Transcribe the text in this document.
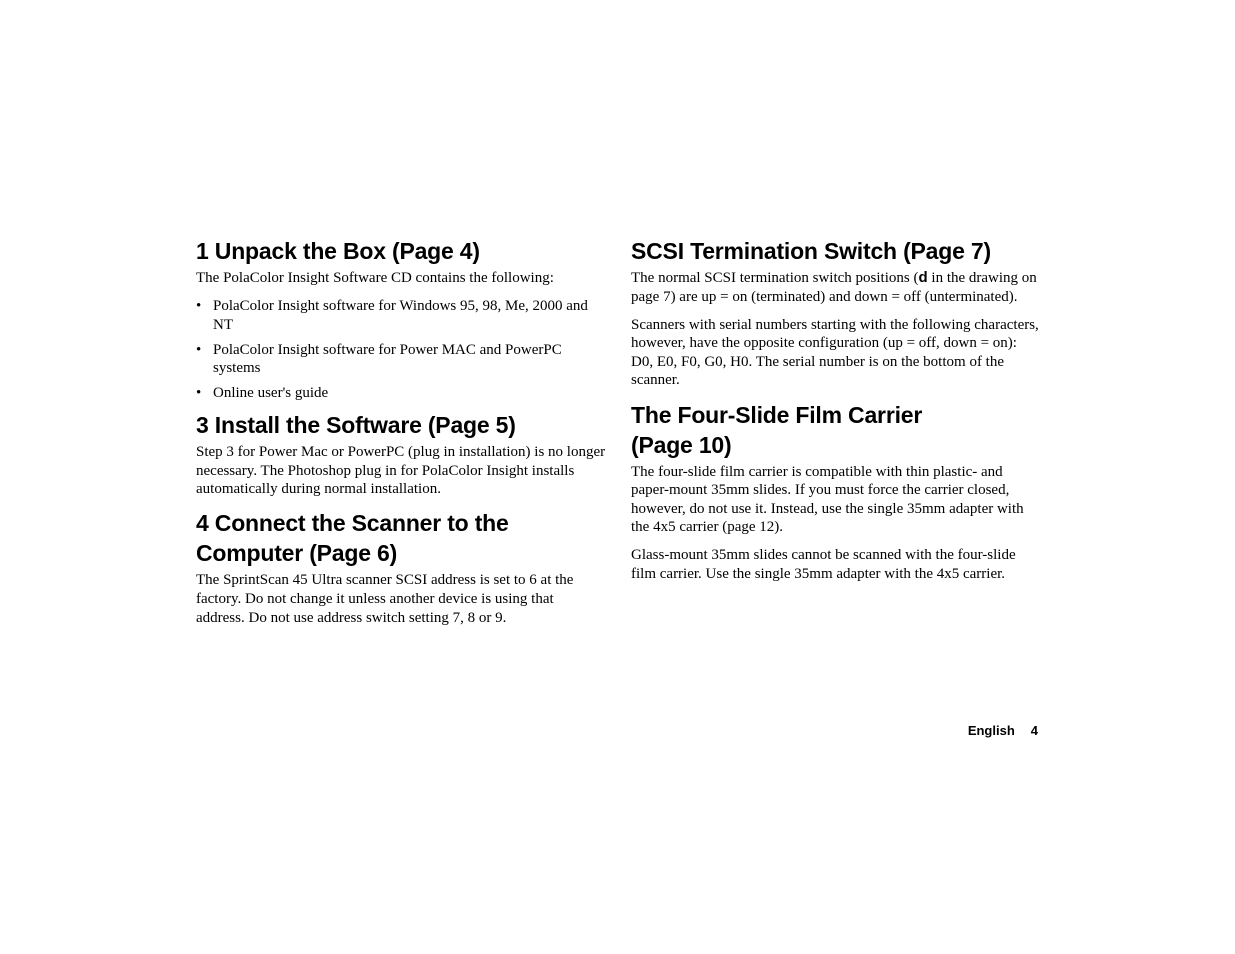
1 Unpack the Box (Page 4)

The PolaColor Insight Software CD contains the following:

• PolaColor Insight software for Windows 95, 98, Me, 2000 and NT
• PolaColor Insight software for Power MAC and PowerPC systems
• Online user's guide
3 Install the Software (Page 5)

Step 3 for Power Mac or PowerPC (plug in installation) is no longer necessary. The Photoshop plug in for PolaColor Insight installs automatically during normal installation.

4 Connect the Scanner to the Computer (Page 6)

The SprintScan 45 Ultra scanner SCSI address is set to 6 at the factory. Do not change it unless another device is using that address. Do not use address switch setting 7, 8 or 9.

SCSI Termination Switch (Page 7)

The normal SCSI termination switch positions (d in the drawing on page 7) are up = on (terminated) and down = off (unterminated).

Scanners with serial numbers starting with the following characters, however, have the opposite configuration (up = off, down = on): D0, E0, F0, G0, H0. The serial number is on the bottom of the scanner.

The Four-Slide Film Carrier
(Page 10)

The four-slide film carrier is compatible with thin plastic- and paper-mount 35mm slides. If you must force the carrier closed, however, do not use it. Instead, use the single 35mm adapter with the 4x5 carrier (page 12).

Glass-mount 35mm slides cannot be scanned with the four-slide film carrier. Use the single 35mm adapter with the 4x5 carrier.

English 4
